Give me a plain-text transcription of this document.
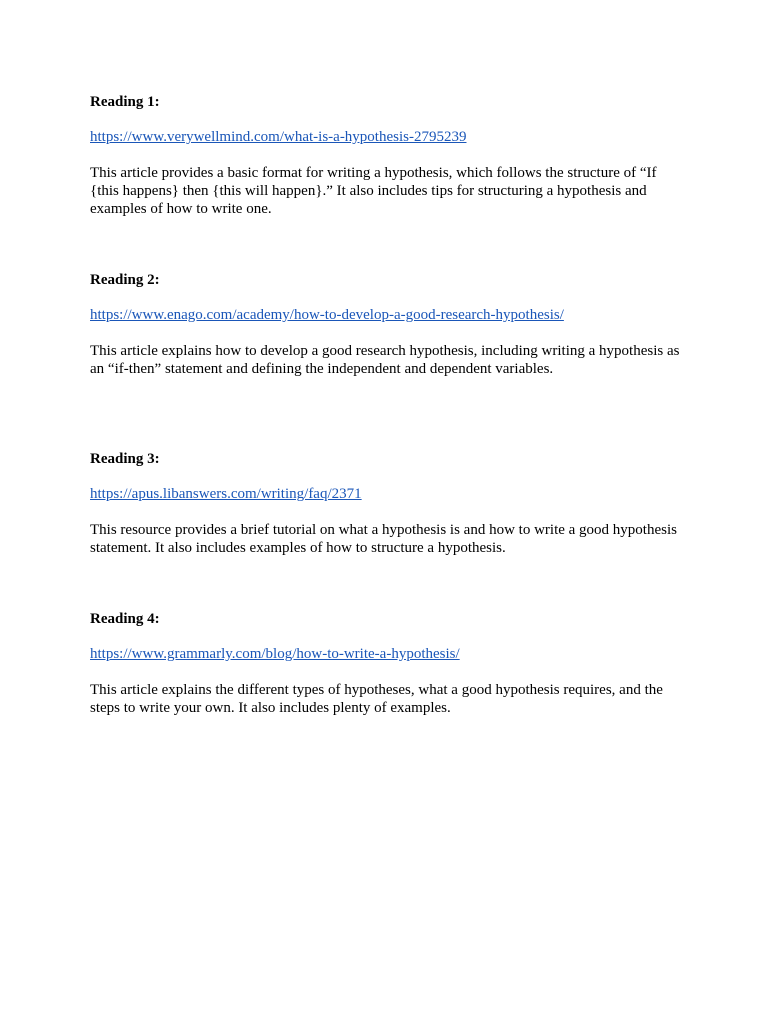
Reading 1:

https://www.verywellmind.com/what-is-a-hypothesis-2795239

This article provides a basic format for writing a hypothesis, which follows the structure of “If {this happens} then {this will happen}.” It also includes tips for structuring a hypothesis and examples of how to write one.

Reading 2:

https://www.enago.com/academy/how-to-develop-a-good-research-hypothesis/

This article explains how to develop a good research hypothesis, including writing a hypothesis as an “if-then” statement and defining the independent and dependent variables.

Reading 3:

https://apus.libanswers.com/writing/faq/2371

This resource provides a brief tutorial on what a hypothesis is and how to write a good hypothesis statement. It also includes examples of how to structure a hypothesis.

Reading 4:

https://www.grammarly.com/blog/how-to-write-a-hypothesis/

This article explains the different types of hypotheses, what a good hypothesis requires, and the steps to write your own. It also includes plenty of examples.
